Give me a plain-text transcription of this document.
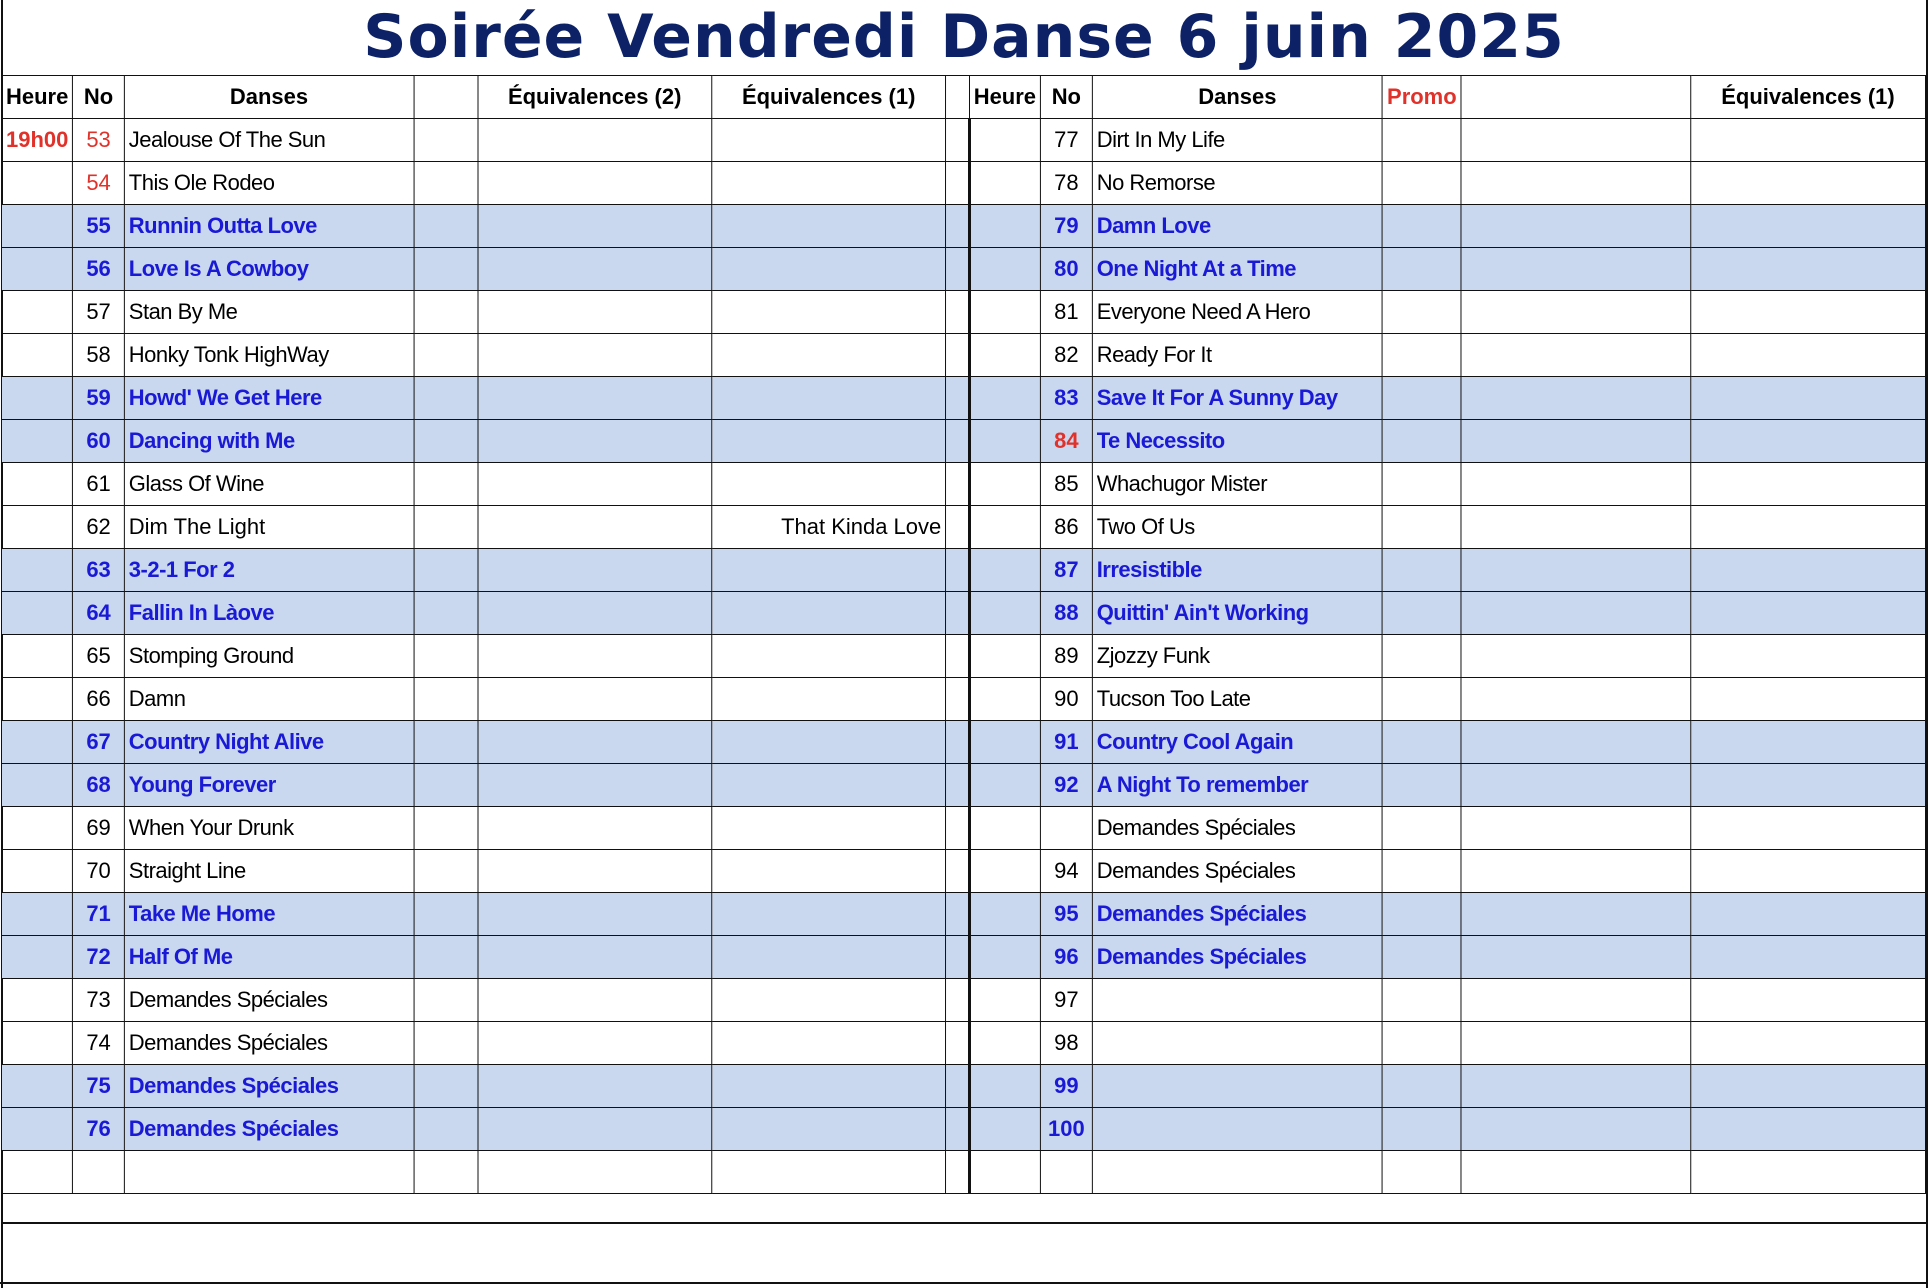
Soirée Vendredi Danse 6 juin 2025
Heure	No	Danses		Équivalences (2)	Équivalences (1)		Heure	No	Danses	Promo		Équivalences (1)
19h00	53	Jealouse Of The Sun						77	Dirt In My Life			
	54	This Ole Rodeo						78	No Remorse			
	55	Runnin Outta Love						79	Damn Love			
	56	Love Is A Cowboy						80	One Night At a Time			
	57	Stan By Me						81	Everyone Need A Hero			
	58	Honky Tonk HighWay						82	Ready For It			
	59	Howd' We Get Here						83	Save It For A Sunny Day			
	60	Dancing with Me						84	Te Necessito			
	61	Glass Of Wine						85	Whachugor Mister			
	62	Dim The Light			That Kinda Love			86	Two Of Us			
	63	3-2-1 For 2						87	Irresistible			
	64	Fallin In Làove						88	Quittin' Ain't Working			
	65	Stomping Ground						89	Zjozzy Funk			
	66	Damn						90	Tucson Too Late			
	67	Country Night Alive						91	Country Cool Again			
	68	Young Forever						92	A Night To remember			
	69	When Your Drunk							Demandes Spéciales			
	70	Straight Line						94	Demandes Spéciales			
	71	Take Me Home						95	Demandes Spéciales			
	72	Half Of Me						96	Demandes Spéciales			
	73	Demandes Spéciales						97				
	74	Demandes Spéciales						98				
	75	Demandes Spéciales						99				
	76	Demandes Spéciales						100				
